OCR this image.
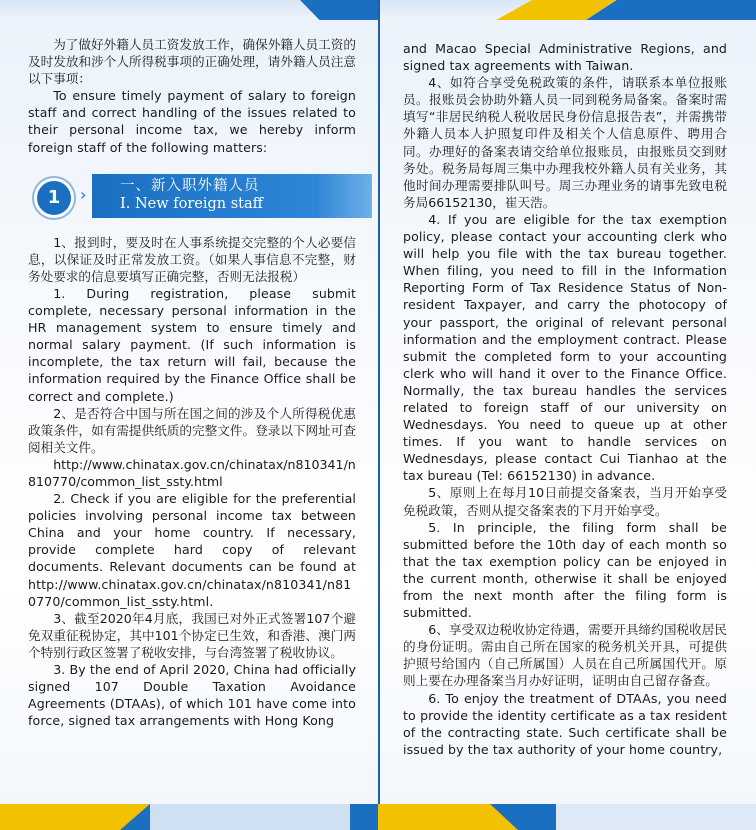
为了做好外籍人员工资发放工作，确保外籍人员工资的及时发放和涉个人所得税事项的正确处理，请外籍人员注意以下事项：

To ensure timely payment of salary to foreign staff and correct handling of the issues related to their personal income tax, we hereby inform foreign staff of the following matters:

1	› 一、新入职外籍人员
I. New foreign staff

1、报到时，要及时在人事系统提交完整的个人必要信息，以保证及时正常发放工资。（如果人事信息不完整，财务处要求的信息要填写正确完整，否则无法报税）

1. During registration, please submit complete, necessary personal information in the HR management system to ensure timely and normal salary payment. (If such information is incomplete, the tax return will fail, because the information required by the Finance Office shall be correct and complete.)

2、是否符合中国与所在国之间的涉及个人所得税优惠政策条件，如有需提供纸质的完整文件。登录以下网址可查阅相关文件。

http://www.chinatax.gov.cn/chinatax/n810341/n810770/common_list_ssty.html

2. Check if you are eligible for the preferential policies involving personal income tax between China and your home country. If necessary, provide complete hard copy of relevant documents. Relevant documents can be found at http://www.chinatax.gov.cn/chinatax/n810341/n810770/common_list_ssty.html.

3、截至2020年4月底，我国已对外正式签署107个避免双重征税协定，其中101个协定已生效，和香港、澳门两个特别行政区签署了税收安排，与台湾签署了税收协议。

3. By the end of April 2020, China had officially signed 107 Double Taxation Avoidance Agreements (DTAAs), of which 101 have come into force, signed tax arrangements with Hong Kong

and Macao Special Administrative Regions, and signed tax agreements with Taiwan.

4、如符合享受免税政策的条件，请联系本单位报账员。报账员会协助外籍人员一同到税务局备案。备案时需填写“非居民纳税人税收居民身份信息报告表”，并需携带外籍人员本人护照复印件及相关个人信息原件、聘用合同。办理好的备案表请交给单位报账员，由报账员交到财务处。税务局每周三集中办理我校外籍人员有关业务，其他时间办理需要排队叫号。周三办理业务的请事先致电税务局66152130，崔天浩。

4. If you are eligible for the tax exemption policy, please contact your accounting clerk who will help you file with the tax bureau together. When filing, you need to fill in the Information Reporting Form of Tax Residence Status of Non-resident Taxpayer, and carry the photocopy of your passport, the original of relevant personal information and the employment contract. Please submit the completed form to your accounting clerk who will hand it over to the Finance Office. Normally, the tax bureau handles the services related to foreign staff of our university on Wednesdays. You need to queue up at other times. If you want to handle services on Wednesdays, please contact Cui Tianhao at the tax bureau (Tel: 66152130) in advance.

5、原则上在每月10日前提交备案表，当月开始享受免税政策，否则从提交备案表的下月开始享受。

5. In principle, the filing form shall be submitted before the 10th day of each month so that the tax exemption policy can be enjoyed in the current month, otherwise it shall be enjoyed from the next month after the filing form is submitted.

6、享受双边税收协定待遇，需要开具缔约国税收居民的身份证明。需由自己所在国家的税务机关开具，可提供护照号给国内（自己所属国）人员在自己所属国代开。原则上要在办理备案当月办好证明，证明由自己留存备查。

6. To enjoy the treatment of DTAAs, you need to provide the identity certificate as a tax resident of the contracting state. Such certificate shall be issued by the tax authority of your home country,
